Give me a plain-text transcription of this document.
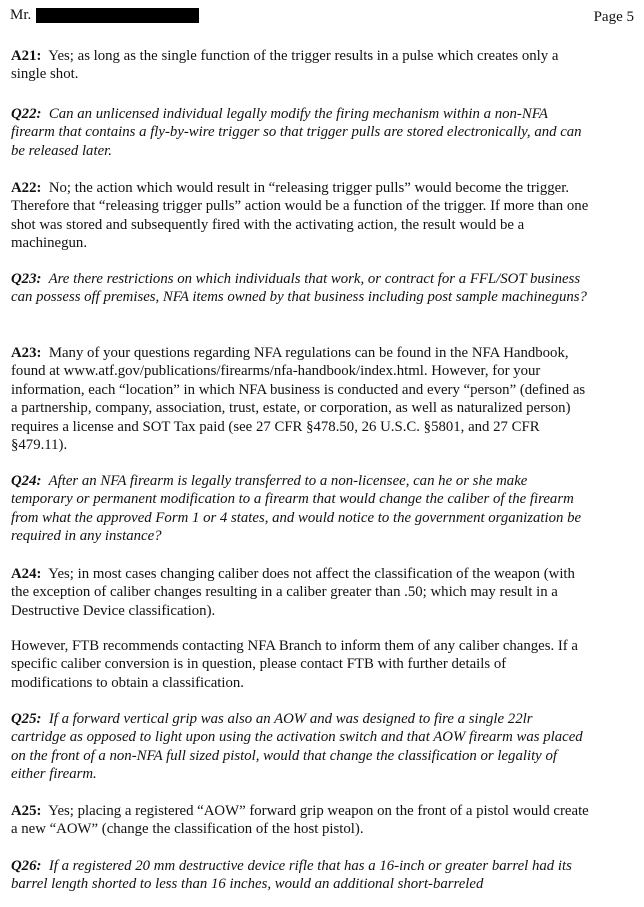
Mr.	Page 5

A21: Yes; as long as the single function of the trigger results in a pulse which creates only a single shot.

Q22: Can an unlicensed individual legally modify the firing mechanism within a non-NFA firearm that contains a fly-by-wire trigger so that trigger pulls are stored electronically, and can be released later.

A22: No; the action which would result in “releasing trigger pulls” would become the trigger. Therefore that “releasing trigger pulls” action would be a function of the trigger. If more than one shot was stored and subsequently fired with the activating action, the result would be a machinegun.

Q23: Are there restrictions on which individuals that work, or contract for a FFL/SOT business can possess off premises, NFA items owned by that business including post sample machineguns?

A23: Many of your questions regarding NFA regulations can be found in the NFA Handbook, found at www.atf.gov/publications/firearms/nfa-handbook/index.html. However, for your information, each “location” in which NFA business is conducted and every “person” (defined as a partnership, company, association, trust, estate, or corporation, as well as naturalized person) requires a license and SOT Tax paid (see 27 CFR §478.50, 26 U.S.C. §5801, and 27 CFR §479.11).

Q24: After an NFA firearm is legally transferred to a non-licensee, can he or she make temporary or permanent modification to a firearm that would change the caliber of the firearm from what the approved Form 1 or 4 states, and would notice to the government organization be required in any instance?

A24: Yes; in most cases changing caliber does not affect the classification of the weapon (with the exception of caliber changes resulting in a caliber greater than .50; which may result in a Destructive Device classification).

However, FTB recommends contacting NFA Branch to inform them of any caliber changes. If a specific caliber conversion is in question, please contact FTB with further details of modifications to obtain a classification.

Q25: If a forward vertical grip was also an AOW and was designed to fire a single 22lr cartridge as opposed to light upon using the activation switch and that AOW firearm was placed on the front of a non-NFA full sized pistol, would that change the classification or legality of either firearm.

A25: Yes; placing a registered “AOW” forward grip weapon on the front of a pistol would create a new “AOW” (change the classification of the host pistol).

Q26: If a registered 20 mm destructive device rifle that has a 16-inch or greater barrel had its barrel length shorted to less than 16 inches, would an additional short-barreled
